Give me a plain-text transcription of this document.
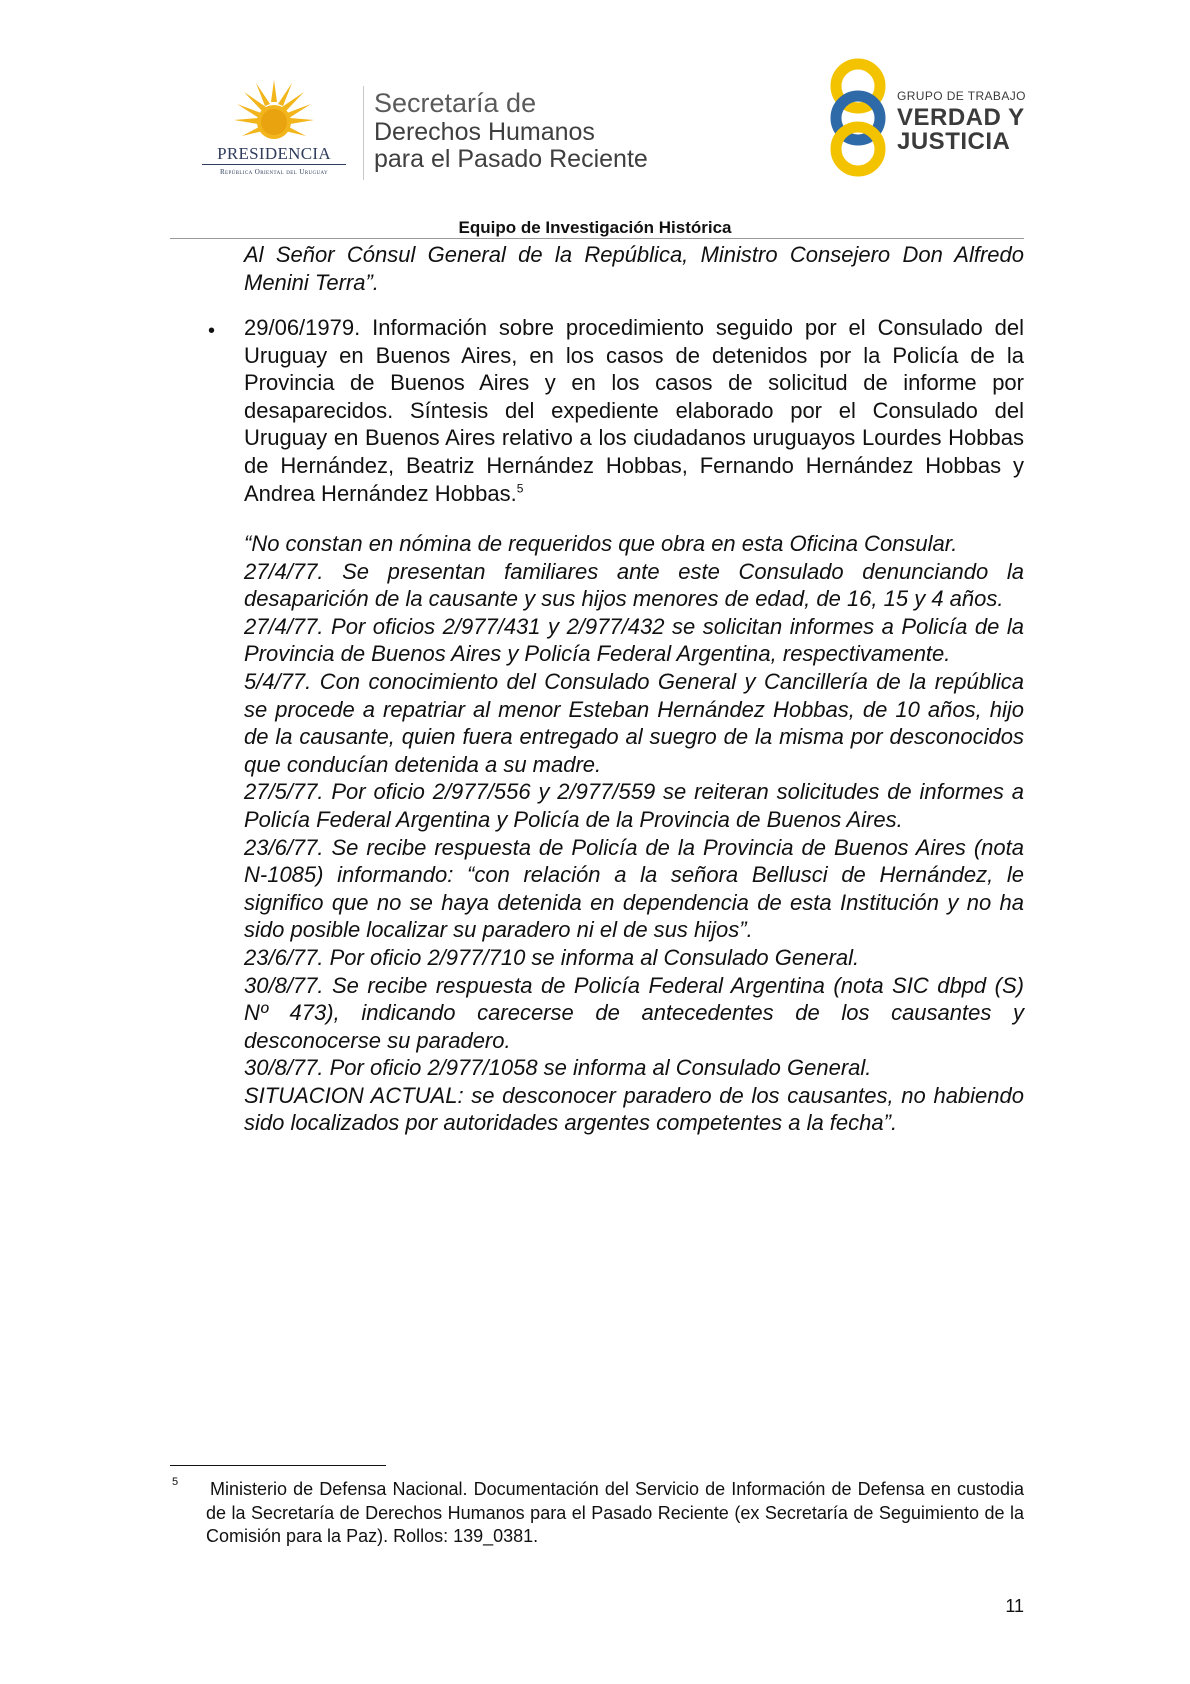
PRESIDENCIA
República Oriental del Uruguay
Secretaría de
Derechos Humanos
para el Pasado Reciente
GRUPO DE TRABAJO
VERDAD Y
JUSTICIA
Equipo de Investigación Histórica
Al Señor Cónsul General de la República, Ministro Consejero Don Alfredo Menini Terra”.
• 29/06/1979. Información sobre procedimiento seguido por el Consulado del Uruguay en Buenos Aires, en los casos de detenidos por la Policía de la Provincia de Buenos Aires y en los casos de solicitud de informe por desaparecidos. Síntesis del expediente elaborado por el Consulado del Uruguay en Buenos Aires relativo a los ciudadanos uruguayos Lourdes Hobbas de Hernández, Beatriz Hernández Hobbas, Fernando Hernández Hobbas y Andrea Hernández Hobbas.$^5$
“No constan en nómina de requeridos que obra en esta Oficina Consular.
27/4/77. Se presentan familiares ante este Consulado denunciando la desaparición de la causante y sus hijos menores de edad, de 16, 15 y 4 años.
27/4/77. Por oficios 2/977/431 y 2/977/432 se solicitan informes a Policía de la Provincia de Buenos Aires y Policía Federal Argentina, respectivamente.
5/4/77. Con conocimiento del Consulado General y Cancillería de la república se procede a repatriar al menor Esteban Hernández Hobbas, de 10 años, hijo de la causante, quien fuera entregado al suegro de la misma por desconocidos que conducían detenida a su madre.
27/5/77. Por oficio 2/977/556 y 2/977/559 se reiteran solicitudes de informes a Policía Federal Argentina y Policía de la Provincia de Buenos Aires.
23/6/77. Se recibe respuesta de Policía de la Provincia de Buenos Aires (nota N-1085) informando: “con relación a la señora Bellusci de Hernández, le significo que no se haya detenida en dependencia de esta Institución y no ha sido posible localizar su paradero ni el de sus hijos”.
23/6/77. Por oficio 2/977/710 se informa al Consulado General.
30/8/77. Se recibe respuesta de Policía Federal Argentina (nota SIC dbpd (S) Nº 473), indicando carecerse de antecedentes de los causantes y desconocerse su paradero.
30/8/77. Por oficio 2/977/1058 se informa al Consulado General.
SITUACION ACTUAL: se desconocer paradero de los causantes, no habiendo sido localizados por autoridades argentes competentes a la fecha”.
5 Ministerio de Defensa Nacional. Documentación del Servicio de Información de Defensa en custodia de la Secretaría de Derechos Humanos para el Pasado Reciente (ex Secretaría de Seguimiento de la Comisión para la Paz). Rollos: 139_0381.
11
